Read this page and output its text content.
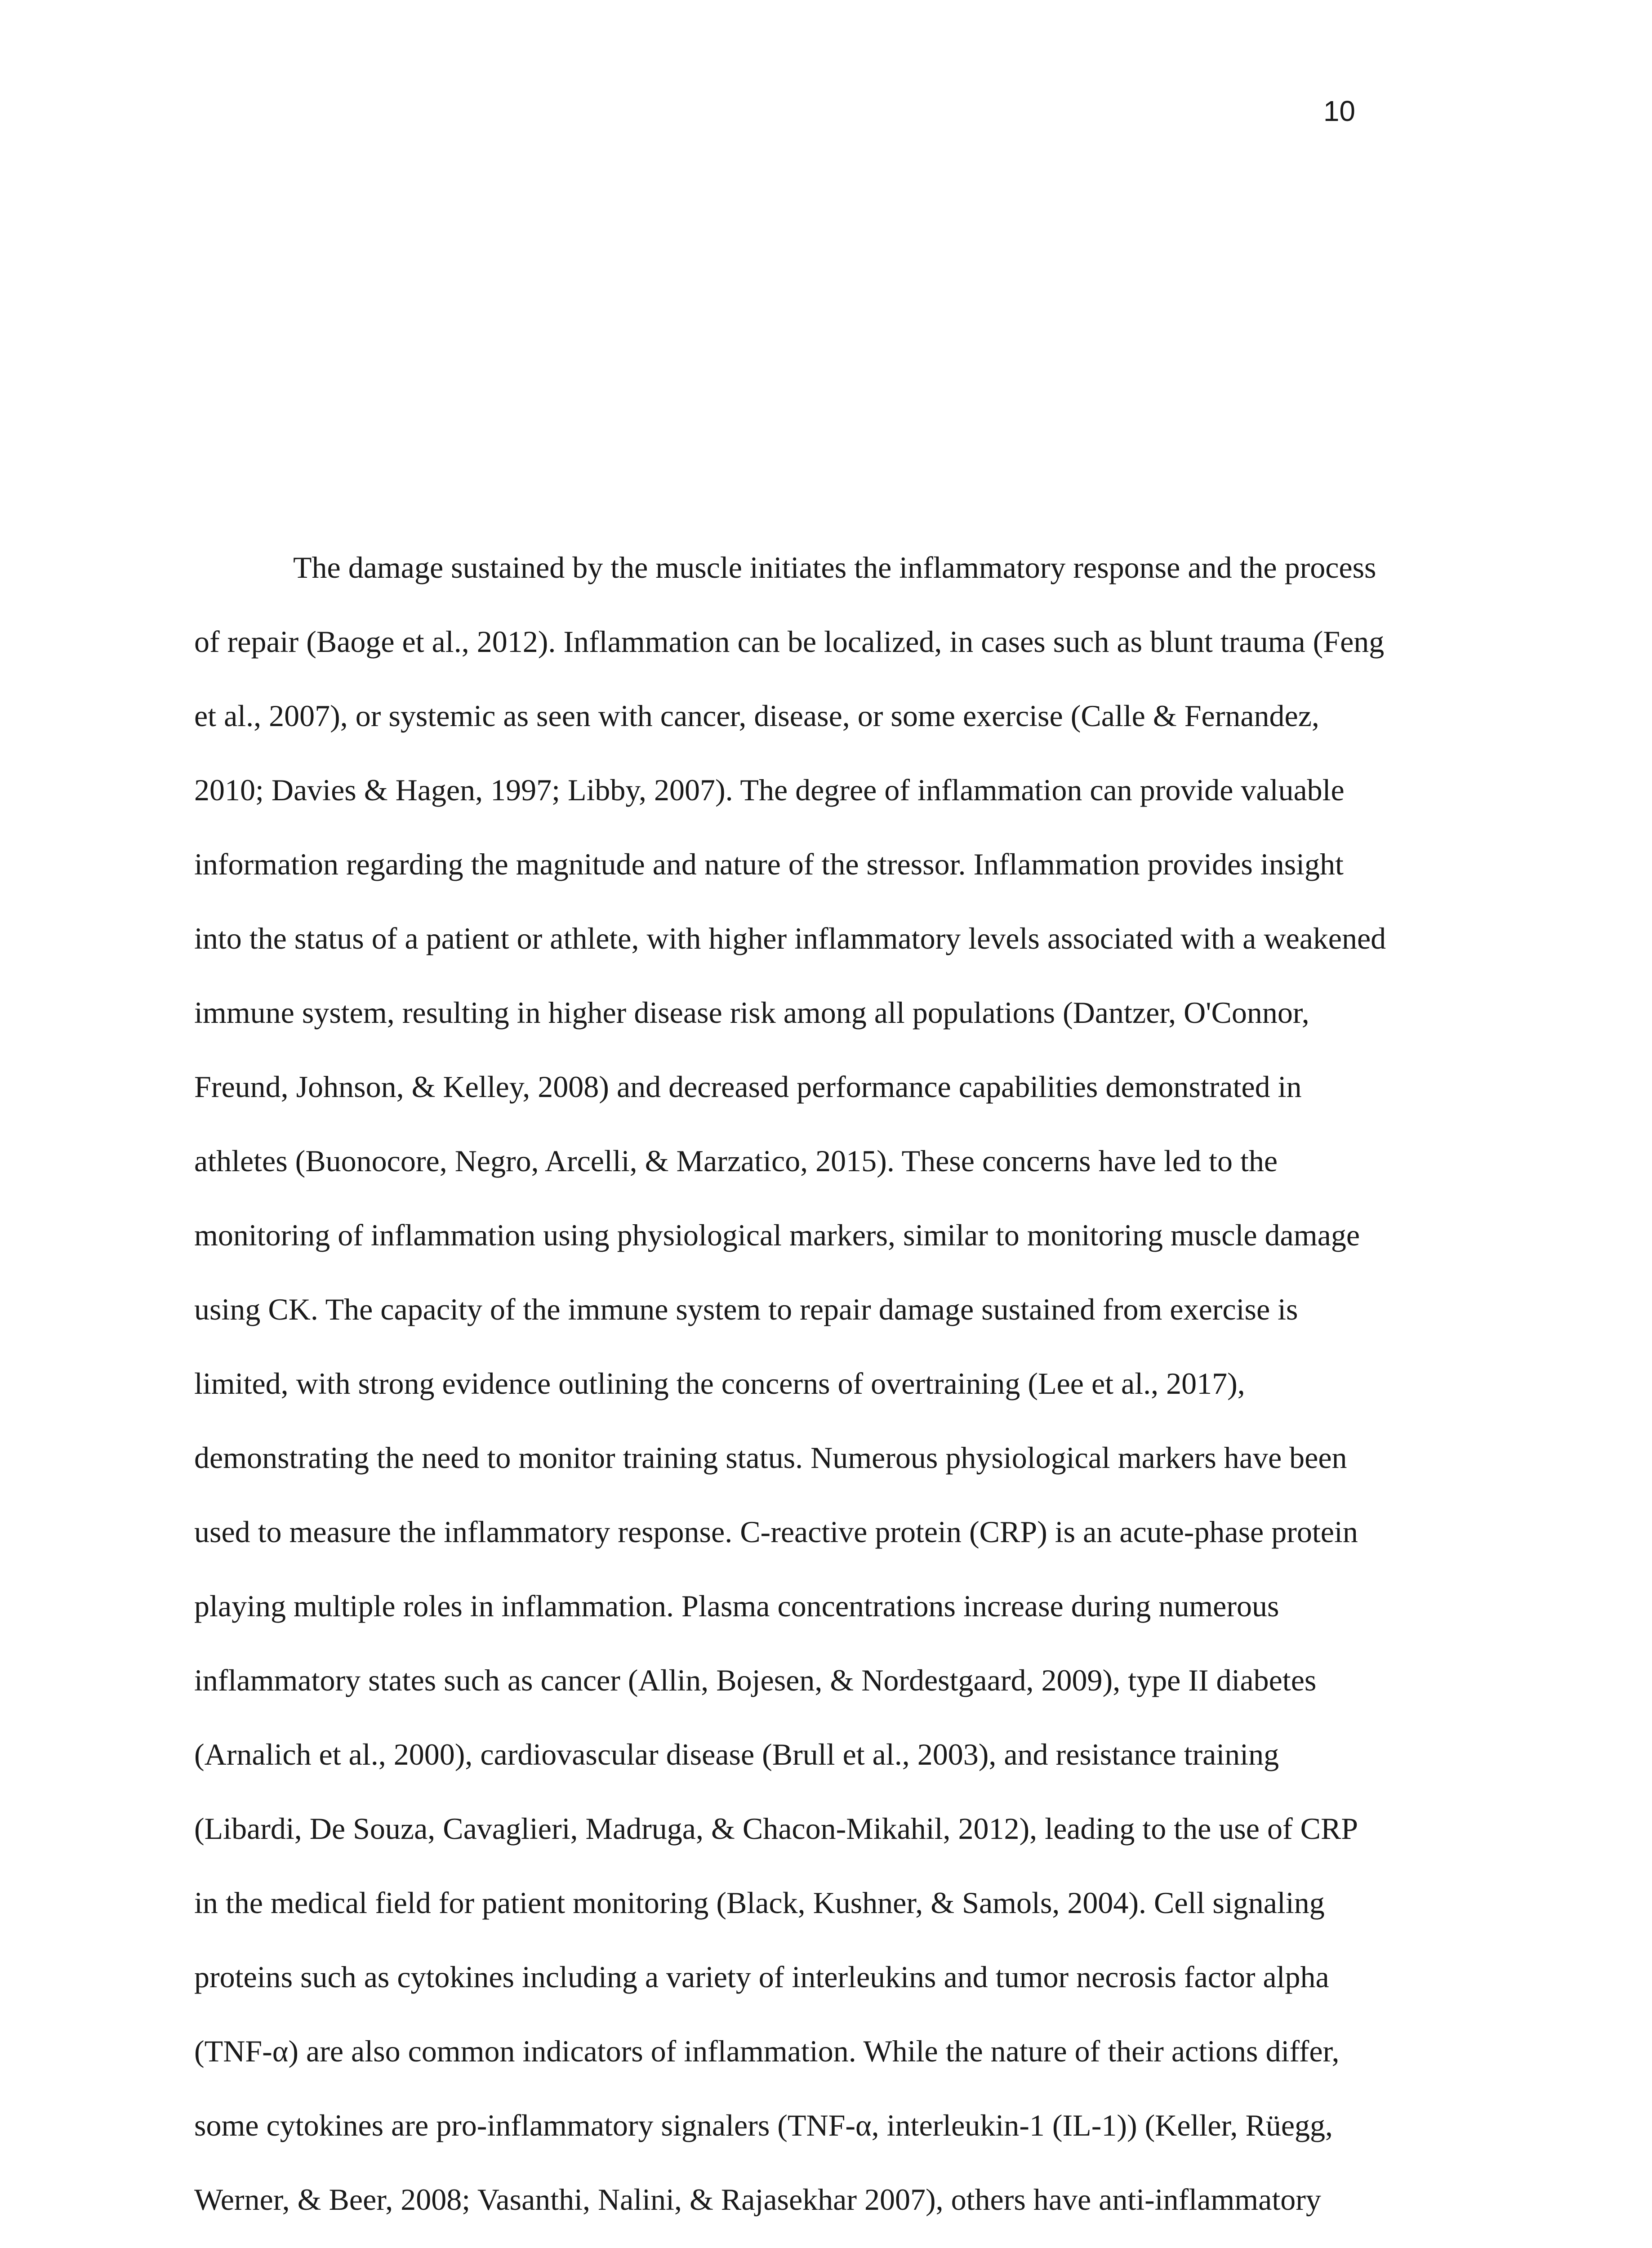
10

The damage sustained by the muscle initiates the inflammatory response and the process

of repair (Baoge et al., 2012). Inflammation can be localized, in cases such as blunt trauma (Feng

et al., 2007), or systemic as seen with cancer, disease, or some exercise (Calle & Fernandez,

2010; Davies & Hagen, 1997; Libby, 2007). The degree of inflammation can provide valuable

information regarding the magnitude and nature of the stressor. Inflammation provides insight

into the status of a patient or athlete, with higher inflammatory levels associated with a weakened

immune system, resulting in higher disease risk among all populations (Dantzer, O'Connor,

Freund, Johnson, & Kelley, 2008) and decreased performance capabilities demonstrated in

athletes (Buonocore, Negro, Arcelli, & Marzatico, 2015). These concerns have led to the

monitoring of inflammation using physiological markers, similar to monitoring muscle damage

using CK. The capacity of the immune system to repair damage sustained from exercise is

limited, with strong evidence outlining the concerns of overtraining (Lee et al., 2017),

demonstrating the need to monitor training status. Numerous physiological markers have been

used to measure the inflammatory response. C-reactive protein (CRP) is an acute-phase protein

playing multiple roles in inflammation. Plasma concentrations increase during numerous

inflammatory states such as cancer (Allin, Bojesen, & Nordestgaard, 2009), type II diabetes

(Arnalich et al., 2000), cardiovascular disease (Brull et al., 2003), and resistance training

(Libardi, De Souza, Cavaglieri, Madruga, & Chacon-Mikahil, 2012), leading to the use of CRP

in the medical field for patient monitoring (Black, Kushner, & Samols, 2004). Cell signaling

proteins such as cytokines including a variety of interleukins and tumor necrosis factor alpha

(TNF-α) are also common indicators of inflammation. While the nature of their actions differ,

some cytokines are pro-inflammatory signalers (TNF-α, interleukin-1 (IL-1)) (Keller, Rüegg,

Werner, & Beer, 2008; Vasanthi, Nalini, & Rajasekhar 2007), others have anti-inflammatory
